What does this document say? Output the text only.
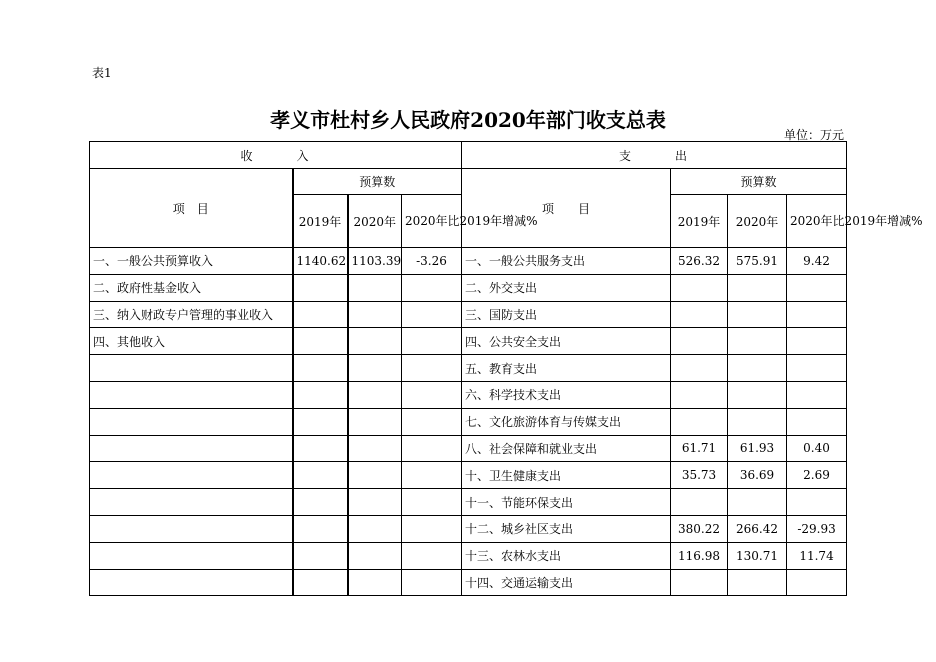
表1
孝义市杜村乡人民政府2020年部门收支总表
单位：万元
收　　　入				支　　　出			
项　目	预算数			项　　目	预算数		
	2019年	2020年	2020年比2019年增减%		2019年	2020年	2020年比2019年增减%
一、一般公共预算收入	1140.62	1103.39	-3.26	一、一般公共服务支出	526.32	575.91	9.42
二、政府性基金收入				二、外交支出			
三、纳入财政专户管理的事业收入				三、国防支出			
四、其他收入				四、公共安全支出			
				五、教育支出			
				六、科学技术支出			
				七、文化旅游体育与传媒支出			
				八、社会保障和就业支出	61.71	61.93	0.40
				十、卫生健康支出	35.73	36.69	2.69
				十一、节能环保支出			
				十二、城乡社区支出	380.22	266.42	-29.93
				十三、农林水支出	116.98	130.71	11.74
				十四、交通运输支出			
